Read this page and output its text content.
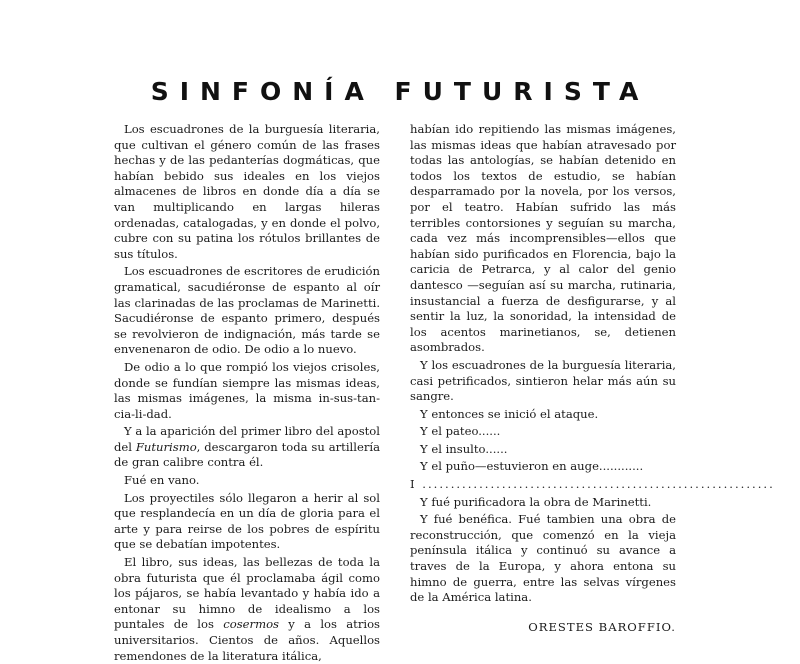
SINFONÍA FUTURISTA

Los escuadrones de la burguesía literaria, que cultivan el género común de las frases hechas y de las pedanterías dogmáticas, que habían bebido sus ideales en los viejos almacenes de libros en donde día a día se van multiplicando en largas hileras ordenadas, catalogadas, y en donde el polvo, cubre con su patina los rótulos brillantes de sus títulos.

Los escuadrones de escritores de erudición gramatical, sacudiéronse de espanto al oír las clarinadas de las proclamas de Marinetti. Sacudiéronse de espanto primero, después se revolvieron de indignación, más tarde se envenenaron de odio. De odio a lo nuevo.

De odio a lo que rompió los viejos crisoles, donde se fundían siempre las mismas ideas, las mismas imágenes, la misma in-sus-tan-cia-li-dad.

Y a la aparición del primer libro del apostol del Futurismo, descargaron toda su artillería de gran calibre contra él.

Fué en vano.

Los proyectiles sólo llegaron a herir al sol que resplandecía en un día de gloria para el arte y para reirse de los pobres de espíritu que se debatían impotentes.

El libro, sus ideas, las bellezas de toda la obra futurista que él proclamaba ágil como los pájaros, se había levantado y había ido a entonar su himno de idealismo a los puntales de los cosermos y a los atrios universitarios. Cientos de años. Aquellos remendones de la literatura itálica,

habían ido repitiendo las mismas imágenes, las mismas ideas que habían atravesado por todas las antologías, se habían detenido en todos los textos de estudio, se habían desparramado por la novela, por los versos, por el teatro. Habían sufrido las más terribles contorsiones y seguían su marcha, cada vez más incomprensibles—ellos que habían sido purificados en Florencia, bajo la caricia de Petrarca, y al calor del genio dantesco —seguían así su marcha, rutinaria, insustancial a fuerza de desfigurarse, y al sentir la luz, la sonoridad, la intensidad de los acentos marinetianos, se, detienen asombrados.

Y los escuadrones de la burguesía literaria, casi petrificados, sintieron helar más aún su sangre.

Y entonces se inició el ataque.

Y el pateo......

Y el insulto......

Y el puño—estuvieron en auge............

I ..............................................................

Y fué purificadora la obra de Marinetti.

Y fué benéfica. Fué tambien una obra de reconstrucción, que comenzó en la vieja península itálica y continuó su avance a traves de la Europa, y ahora entona su himno de guerra, entre las selvas vírgenes de la América latina.

ORESTES BAROFFIO.
